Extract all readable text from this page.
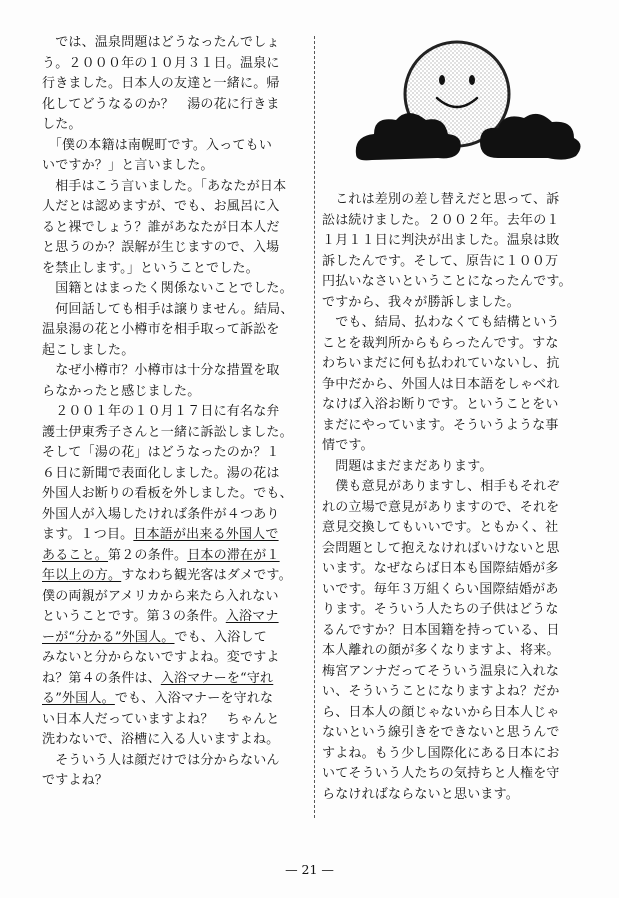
　では、温泉問題はどうなったんでしょ

う。２０００年の１０月３１日。温泉に

行きました。日本人の友達と一緒に。帰

化してどうなるのか？　湯の花に行きま

した。

　「僕の本籍は南幌町です。入ってもい

いですか？」と言いました。

　相手はこう言いました。「あなたが日本

人だとは認めますが、でも、お風呂に入

ると裸でしょう？誰があなたが日本人だ

と思うのか？誤解が生じますので、入場

を禁止します。」ということでした。

　国籍とはまったく関係ないことでした。

　何回話しても相手は譲りません。結局、

温泉湯の花と小樽市を相手取って訴訟を

起こしました。

　なぜ小樽市？小樽市は十分な措置を取

らなかったと感じました。

　２００１年の１０月１７日に有名な弁

護士伊東秀子さんと一緒に訴訟しました。

そして「湯の花」はどうなったのか？１

６日に新聞で表面化しました。湯の花は

外国人お断りの看板を外しました。でも、

外国人が入場したければ条件が４つあり

ます。１つ目。日本語が出来る外国人で

あること。第２の条件。日本の滞在が１

年以上の方。すなわち観光客はダメです。

僕の両親がアメリカから来たら入れない

ということです。第３の条件。入浴マナ

ーが“分かる”外国人。でも、入浴して

みないと分からないですよね。変ですよ

ね？第４の条件は、入浴マナーを“守れ

る”外国人。でも、入浴マナーを守れな

い日本人だっていますよね？　ちゃんと

洗わないで、浴槽に入る人いますよね。

　そういう人は顔だけでは分からないん

ですよね？

　これは差別の差し替えだと思って、訴

訟は続けました。２００２年。去年の１

１月１１日に判決が出ました。温泉は敗

訴したんです。そして、原告に１００万

円払いなさいということになったんです。

ですから、我々が勝訴しました。

　でも、結局、払わなくても結構という

ことを裁判所からもらったんです。すな

わちいまだに何も払われていないし、抗

争中だから、外国人は日本語をしゃべれ

なけば入浴お断りです。ということをい

まだにやっています。そういうような事

情です。

　問題はまだまだあります。

　僕も意見がありますし、相手もそれぞ

れの立場で意見がありますので、それを

意見交換してもいいです。ともかく、社

会問題として抱えなければいけないと思

います。なぜならば日本も国際結婚が多

いです。毎年３万組くらい国際結婚があ

ります。そういう人たちの子供はどうな

るんですか？日本国籍を持っている、日

本人離れの顔が多くなりますよ、将来。

梅宮アンナだってそういう温泉に入れな

い、そういうことになりますよね？だか

ら、日本人の顔じゃないから日本人じゃ

ないという線引きをできないと思うんで

すよね。もう少し国際化にある日本にお

いてそういう人たちの気持ちと人権を守

らなければならないと思います。

— 21 —
